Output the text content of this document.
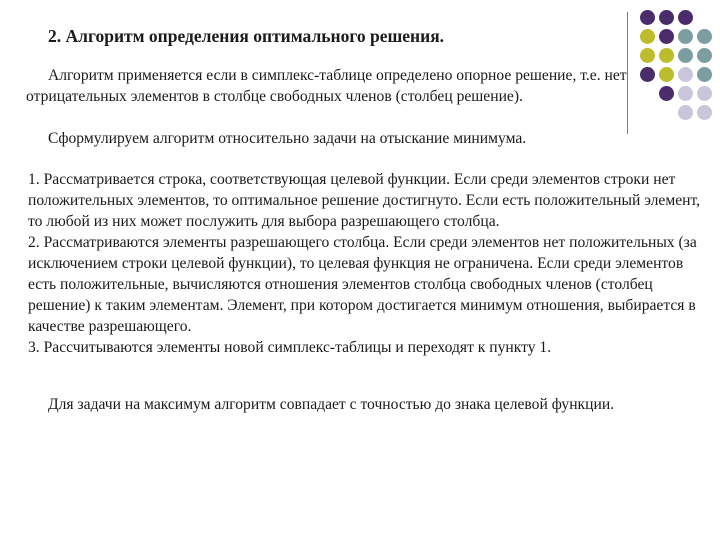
2. Алгоритм определения оптимального решения.

Алгоритм применяется если в симплекс-таблице определено опорное решение, т.е. нет отрицательных элементов в столбце свободных членов (столбец решение).

Сформулируем алгоритм относительно задачи на отыскание минимума.

1. Рассматривается строка, соответствующая целевой функции. Если среди элементов строки нет положительных элементов, то оптимальное решение достигнуто. Если есть положительный элемент, то любой из них может послужить для выбора разрешающего столбца.
2. Рассматриваются элементы разрешающего столбца. Если среди элементов нет положительных (за исключением строки целевой функции), то целевая функция не ограничена. Если среди элементов есть положительные, вычисляются отношения элементов столбца свободных членов (столбец решение) к таким элементам. Элемент, при котором достигается минимум отношения, выбирается в качестве разрешающего.
3. Рассчитываются элементы новой симплекс-таблицы и переходят к пункту 1.

Для задачи на максимум алгоритм совпадает с точностью до знака целевой функции.
